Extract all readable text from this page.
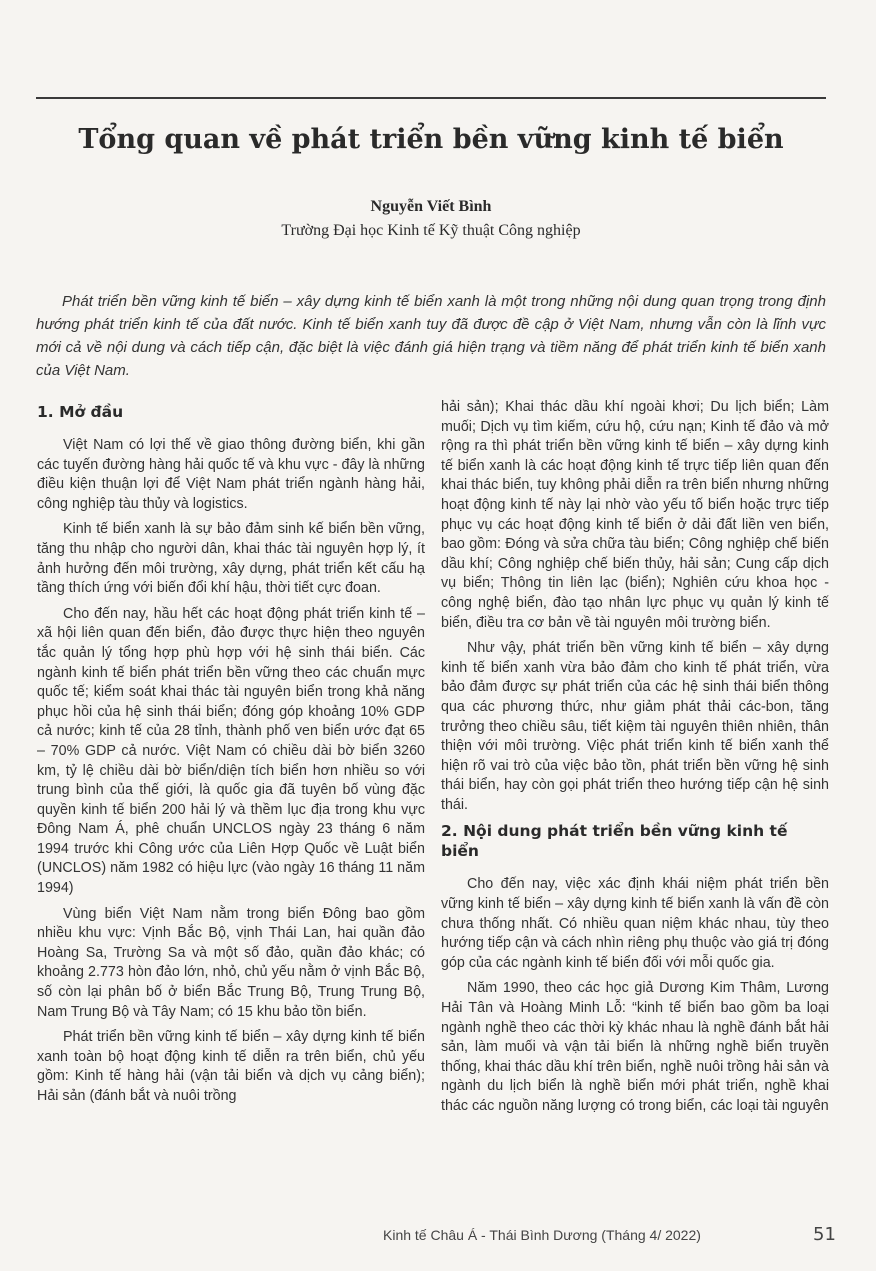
Tổng quan về phát triển bền vững kinh tế biển
Nguyễn Viết Bình
Trường Đại học Kinh tế Kỹ thuật Công nghiệp

Phát triển bền vững kinh tế biển – xây dựng kinh tế biển xanh là một trong những nội dung quan trọng trong định hướng phát triển kinh tế của đất nước. Kinh tế biển xanh tuy đã được đề cập ở Việt Nam, nhưng vẫn còn là lĩnh vực mới cả về nội dung và cách tiếp cận, đặc biệt là việc đánh giá hiện trạng và tiềm năng để phát triển kinh tế biển xanh của Việt Nam.

1. Mở đầu

Việt Nam có lợi thế về giao thông đường biển, khi gần các tuyến đường hàng hải quốc tế và khu vực - đây là những điều kiện thuận lợi để Việt Nam phát triển ngành hàng hải, công nghiệp tàu thủy và logistics.

Kinh tế biển xanh là sự bảo đảm sinh kế biển bền vững, tăng thu nhập cho người dân, khai thác tài nguyên hợp lý, ít ảnh hưởng đến môi trường, xây dựng, phát triển kết cấu hạ tầng thích ứng với biến đổi khí hậu, thời tiết cực đoan.

Cho đến nay, hầu hết các hoạt động phát triển kinh tế – xã hội liên quan đến biển, đảo được thực hiện theo nguyên tắc quản lý tổng hợp phù hợp với hệ sinh thái biển. Các ngành kinh tế biển phát triển bền vững theo các chuẩn mực quốc tế; kiểm soát khai thác tài nguyên biển trong khả năng phục hồi của hệ sinh thái biển; đóng góp khoảng 10% GDP cả nước; kinh tế của 28 tỉnh, thành phố ven biển ước đạt 65 – 70% GDP cả nước. Việt Nam có chiều dài bờ biển 3260 km, tỷ lệ chiều dài bờ biển/diện tích biển hơn nhiều so với trung bình của thế giới, là quốc gia đã tuyên bố vùng đặc quyền kinh tế biển 200 hải lý và thềm lục địa trong khu vực Đông Nam Á, phê chuẩn UNCLOS ngày 23 tháng 6 năm 1994 trước khi Công ước của Liên Hợp Quốc về Luật biển (UNCLOS) năm 1982 có hiệu lực (vào ngày 16 tháng 11 năm 1994)

Vùng biển Việt Nam nằm trong biển Đông bao gồm nhiều khu vực: Vịnh Bắc Bộ, vịnh Thái Lan, hai quần đảo Hoàng Sa, Trường Sa và một số đảo, quần đảo khác; có khoảng 2.773 hòn đảo lớn, nhỏ, chủ yếu nằm ở vịnh Bắc Bộ, số còn lại phân bố ở biển Bắc Trung Bộ, Trung Trung Bộ, Nam Trung Bộ và Tây Nam; có 15 khu bảo tồn biển.

Phát triển bền vững kinh tế biển – xây dựng kinh tế biển xanh toàn bộ hoạt động kinh tế diễn ra trên biển, chủ yếu gồm: Kinh tế hàng hải (vận tải biển và dịch vụ cảng biển); Hải sản (đánh bắt và nuôi trồng

hải sản); Khai thác dầu khí ngoài khơi; Du lịch biển; Làm muối; Dịch vụ tìm kiếm, cứu hộ, cứu nạn; Kinh tế đảo và mở rộng ra thì phát triển bền vững kinh tế biển – xây dựng kinh tế biển xanh là các hoạt động kinh tế trực tiếp liên quan đến khai thác biển, tuy không phải diễn ra trên biển nhưng những hoạt động kinh tế này lại nhờ vào yếu tố biển hoặc trực tiếp phục vụ các hoạt động kinh tế biển ở dải đất liền ven biển, bao gồm: Đóng và sửa chữa tàu biển; Công nghiệp chế biến dầu khí; Công nghiệp chế biến thủy, hải sản; Cung cấp dịch vụ biển; Thông tin liên lạc (biển); Nghiên cứu khoa học - công nghệ biển, đào tạo nhân lực phục vụ quản lý kinh tế biển, điều tra cơ bản về tài nguyên môi trường biển.

Như vậy, phát triển bền vững kinh tế biển – xây dựng kinh tế biển xanh vừa bảo đảm cho kinh tế phát triển, vừa bảo đảm được sự phát triển của các hệ sinh thái biển thông qua các phương thức, như giảm phát thải các-bon, tăng trưởng theo chiều sâu, tiết kiệm tài nguyên thiên nhiên, thân thiện với môi trường. Việc phát triển kinh tế biển xanh thể hiện rõ vai trò của việc bảo tồn, phát triển bền vững hệ sinh thái biển, hay còn gọi phát triển theo hướng tiếp cận hệ sinh thái.

2. Nội dung phát triển bền vững kinh tế biển

Cho đến nay, việc xác định khái niệm phát triển bền vững kinh tế biển – xây dựng kinh tế biển xanh là vấn đề còn chưa thống nhất. Có nhiều quan niệm khác nhau, tùy theo hướng tiếp cận và cách nhìn riêng phụ thuộc vào giá trị đóng góp của các ngành kinh tế biển đối với mỗi quốc gia.

Năm 1990, theo các học giả Dương Kim Thâm, Lương Hải Tân và Hoàng Minh Lỗ: “kinh tế biển bao gồm ba loại ngành nghề theo các thời kỳ khác nhau là nghề đánh bắt hải sản, làm muối và vận tải biển là những nghề biển truyền thống, khai thác dầu khí trên biển, nghề nuôi trồng hải sản và ngành du lịch biển là nghề biển mới phát triển, nghề khai thác các nguồn năng lượng có trong biển, các loại tài nguyên

Kinh tế Châu Á - Thái Bình Dương (Tháng 4/ 2022)	51
